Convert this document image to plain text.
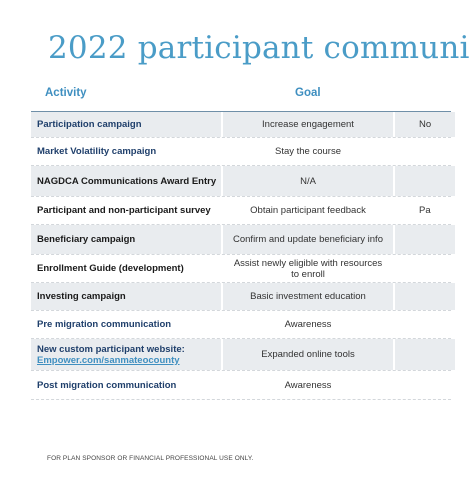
2022 participant communi
Activity	Goal
Participation campaign	Increase engagement	No
Market Volatility campaign	Stay the course
NAGDCA Communications Award Entry	N/A
Participant and non-participant survey	Obtain participant feedback	Pa
Beneficiary campaign	Confirm and update beneficiary info
Enrollment Guide (development)	Assist newly eligible with resources to enroll
Investing campaign	Basic investment education
Pre migration communication	Awareness
New custom participant website:
Empower.com/sanmateocounty	Expanded online tools
Post migration communication	Awareness
FOR PLAN SPONSOR OR FINANCIAL PROFESSIONAL USE ONLY.
